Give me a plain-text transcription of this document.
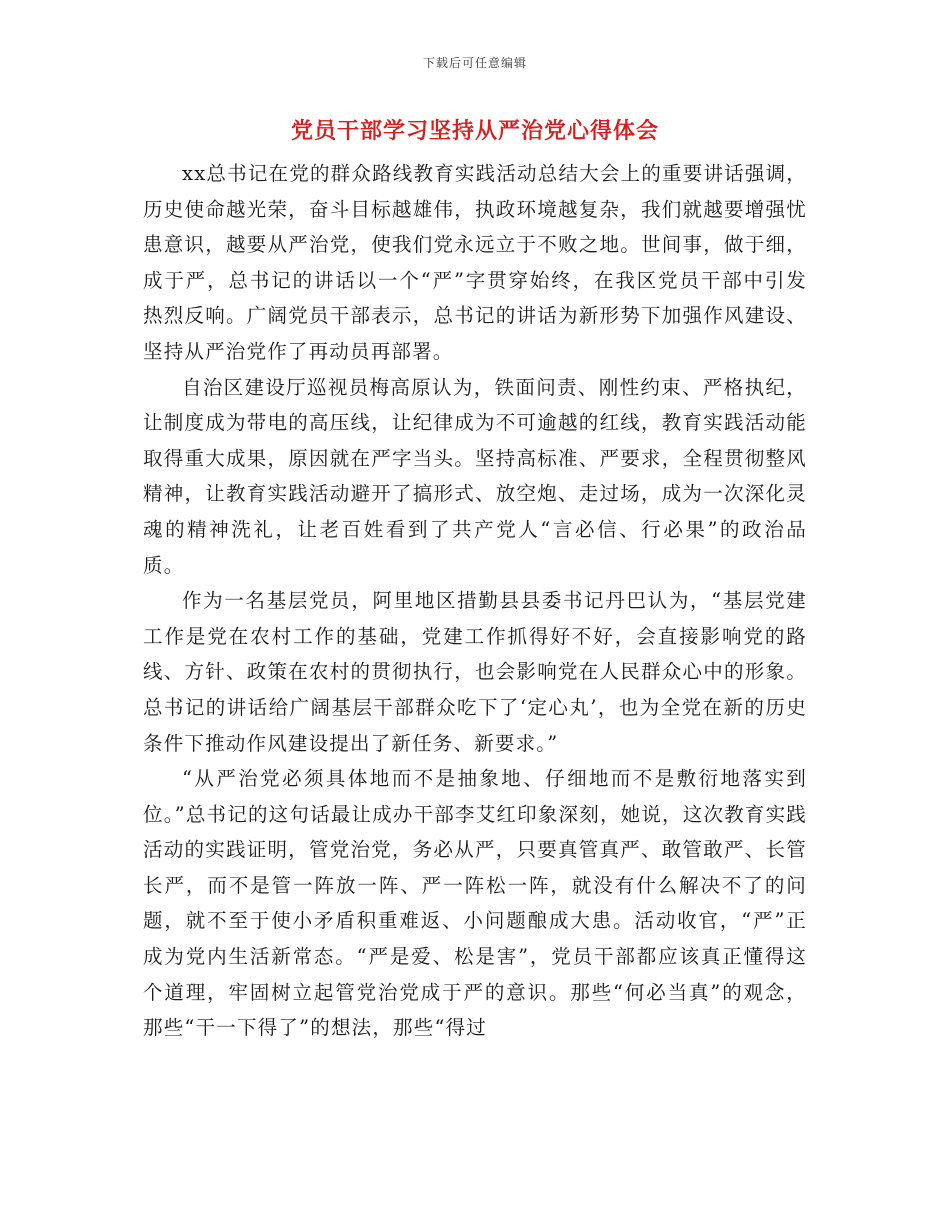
下载后可任意编辑
党员干部学习坚持从严治党心得体会

xx总书记在党的群众路线教育实践活动总结大会上的重要讲话强调，历史使命越光荣，奋斗目标越雄伟，执政环境越复杂，我们就越要增强忧患意识，越要从严治党，使我们党永远立于不败之地。世间事，做于细，成于严，总书记的讲话以一个“严”字贯穿始终，在我区党员干部中引发热烈反响。广阔党员干部表示，总书记的讲话为新形势下加强作风建设、坚持从严治党作了再动员再部署。

自治区建设厅巡视员梅高原认为，铁面问责、刚性约束、严格执纪，让制度成为带电的高压线，让纪律成为不可逾越的红线，教育实践活动能取得重大成果，原因就在严字当头。坚持高标准、严要求，全程贯彻整风精神，让教育实践活动避开了搞形式、放空炮、走过场，成为一次深化灵魂的精神洗礼，让老百姓看到了共产党人“言必信、行必果”的政治品质。

作为一名基层党员，阿里地区措勤县县委书记丹巴认为，“基层党建工作是党在农村工作的基础，党建工作抓得好不好，会直接影响党的路线、方针、政策在农村的贯彻执行，也会影响党在人民群众心中的形象。总书记的讲话给广阔基层干部群众吃下了‘定心丸’，也为全党在新的历史条件下推动作风建设提出了新任务、新要求。”

“从严治党必须具体地而不是抽象地、仔细地而不是敷衍地落实到位。”总书记的这句话最让成办干部李艾红印象深刻，她说，这次教育实践活动的实践证明，管党治党，务必从严，只要真管真严、敢管敢严、长管长严，而不是管一阵放一阵、严一阵松一阵，就没有什么解决不了的问题，就不至于使小矛盾积重难返、小问题酿成大患。活动收官，“严”正成为党内生活新常态。“严是爱、松是害”，党员干部都应该真正懂得这个道理，牢固树立起管党治党成于严的意识。那些“何必当真”的观念，那些“干一下得了”的想法，那些“得过
